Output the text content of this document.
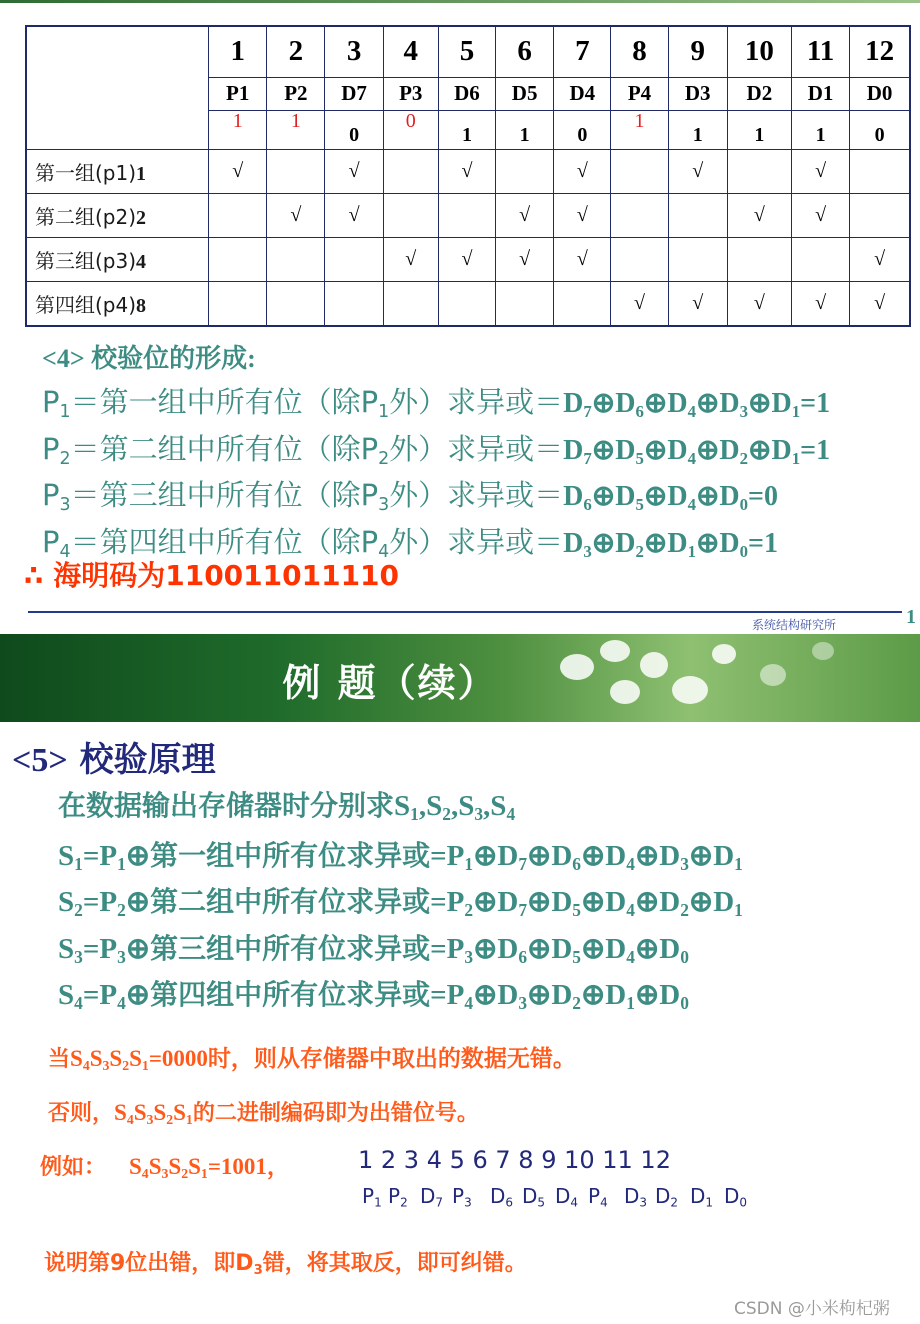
	1	2	3	4	5	6	7	8	9	10	11	12
	P1	P2	D7	P3	D6	D5	D4	P4	D3	D2	D1	D0
	1	1	0	0	1	1	0	1	1	1	1	0
第一组(p1)1	√		√		√		√		√		√	
第二组(p2)2		√	√			√	√			√	√	
第三组(p3)4				√	√	√	√					√
第四组(p4)8								√	√	√	√	√
<4> 校验位的形成:
$P_1=$第一组中所有位（除$P_1$外）求异或$=D_7\oplus D_6\oplus D_4\oplus D_3\oplus D_1=1$
$P_2=$第二组中所有位（除$P_2$外）求异或$=D_7\oplus D_5\oplus D_4\oplus D_2\oplus D_1=1$
$P_3=$第三组中所有位（除$P_3$外）求异或$=D_6\oplus D_5\oplus D_4\oplus D_0=0$
$P_4=$第四组中所有位（除$P_4$外）求异或$=D_3\oplus D_2\oplus D_1\oplus D_0=1$
∴ 海明码为110011011110
系统结构研究所	1
例 题（续）
<5> 校验原理
在数据输出存储器时分别求$S_1,S_2,S_3,S_4$
$S_1=P_1\oplus$第一组中所有位求异或$=P_1\oplus D_7\oplus D_6\oplus D_4\oplus D_3\oplus D_1$
$S_2=P_2\oplus$第二组中所有位求异或$=P_2\oplus D_7\oplus D_5\oplus D_4\oplus D_2\oplus D_1$
$S_3=P_3\oplus$第三组中所有位求异或$=P_3\oplus D_6\oplus D_5\oplus D_4\oplus D_0$
$S_4=P_4\oplus$第四组中所有位求异或$=P_4\oplus D_3\oplus D_2\oplus D_1\oplus D_0$
当$S_4S_3S_2S_1=0000$时，则从存储器中取出的数据无错。
否则，$S_4S_3S_2S_1$的二进制编码即为出错位号。
例如： $S_4S_3S_2S_1=1001$，	1 2 3 4 5 6 7 8 9 10 11 12
$P_1$ $P_2$ $D_7$ $P_3$ $D_6$ $D_5$ $D_4$ $P_4$ $D_3$ $D_2$ $D_1$ $D_0$
说明第9位出错，即$D_3$错，将其取反，即可纠错。
CSDN @小米枸杞粥
